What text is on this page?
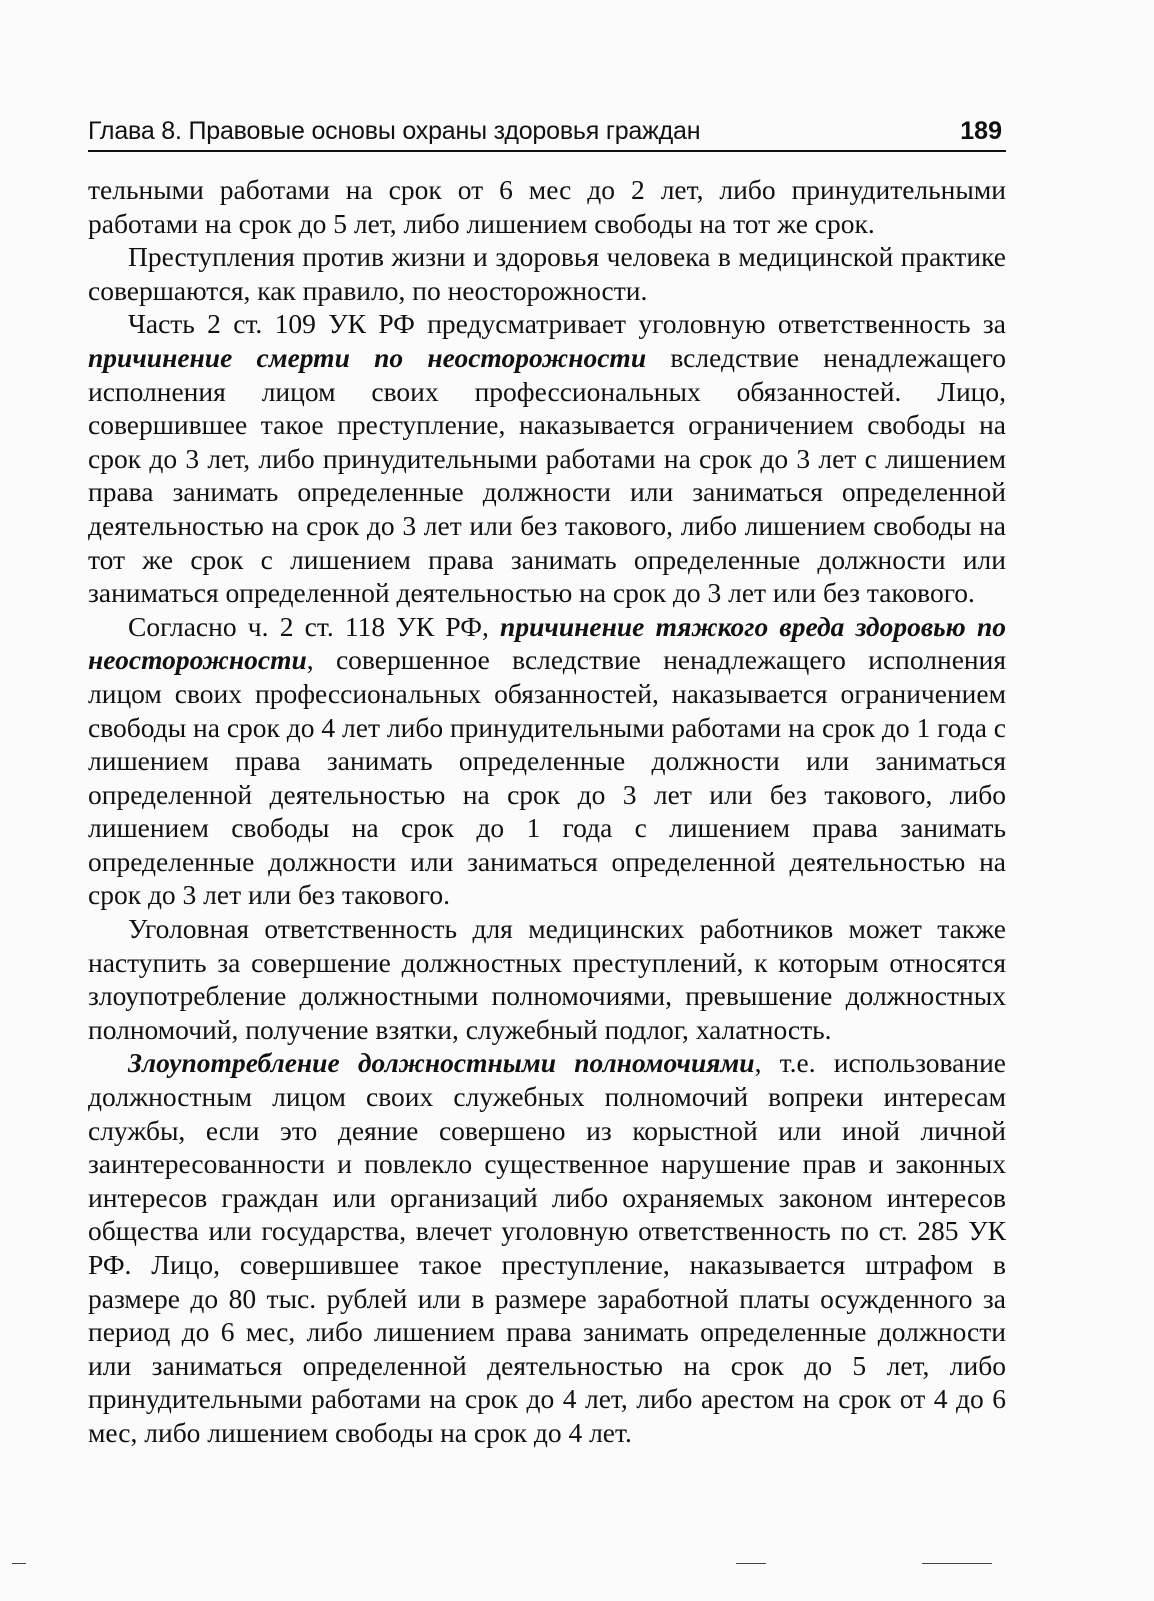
Глава 8. Правовые основы охраны здоровья граждан	189

тельными работами на срок от 6 мес до 2 лет, либо принудительными работами на срок до 5 лет, либо лишением свободы на тот же срок.

Преступления против жизни и здоровья человека в медицинской практике совершаются, как правило, по неосторожности.

Часть 2 ст. 109 УК РФ предусматривает уголовную ответственность за причинение смерти по неосторожности вследствие ненадлежащего исполнения лицом своих профессиональных обязанностей. Лицо, совершившее такое преступление, наказывается ограничением свободы на срок до 3 лет, либо принудительными работами на срок до 3 лет с лишением права занимать определенные должности или заниматься определенной деятельностью на срок до 3 лет или без такового, либо лишением свободы на тот же срок с лишением права занимать определенные должности или заниматься определенной деятельностью на срок до 3 лет или без такового.

Согласно ч. 2 ст. 118 УК РФ, причинение тяжкого вреда здоровью по неосторожности, совершенное вследствие ненадлежащего исполнения лицом своих профессиональных обязанностей, наказывается ограничением свободы на срок до 4 лет либо принудительными работами на срок до 1 года с лишением права занимать определенные должности или заниматься определенной деятельностью на срок до 3 лет или без такового, либо лишением свободы на срок до 1 года с лишением права занимать определенные должности или заниматься определенной деятельностью на срок до 3 лет или без такового.

Уголовная ответственность для медицинских работников может также наступить за совершение должностных преступлений, к которым относятся злоупотребление должностными полномочиями, превышение должностных полномочий, получение взятки, служебный подлог, халатность.

Злоупотребление должностными полномочиями, т.е. использование должностным лицом своих служебных полномочий вопреки интересам службы, если это деяние совершено из корыстной или иной личной заинтересованности и повлекло существенное нарушение прав и законных интересов граждан или организаций либо охраняемых законом интересов общества или государства, влечет уголовную ответственность по ст. 285 УК РФ. Лицо, совершившее такое преступление, наказывается штрафом в размере до 80 тыс. рублей или в размере заработной платы осужденного за период до 6 мес, либо лишением права занимать определенные должности или заниматься определенной деятельностью на срок до 5 лет, либо принудительными работами на срок до 4 лет, либо арестом на срок от 4 до 6 мес, либо лишением свободы на срок до 4 лет.
